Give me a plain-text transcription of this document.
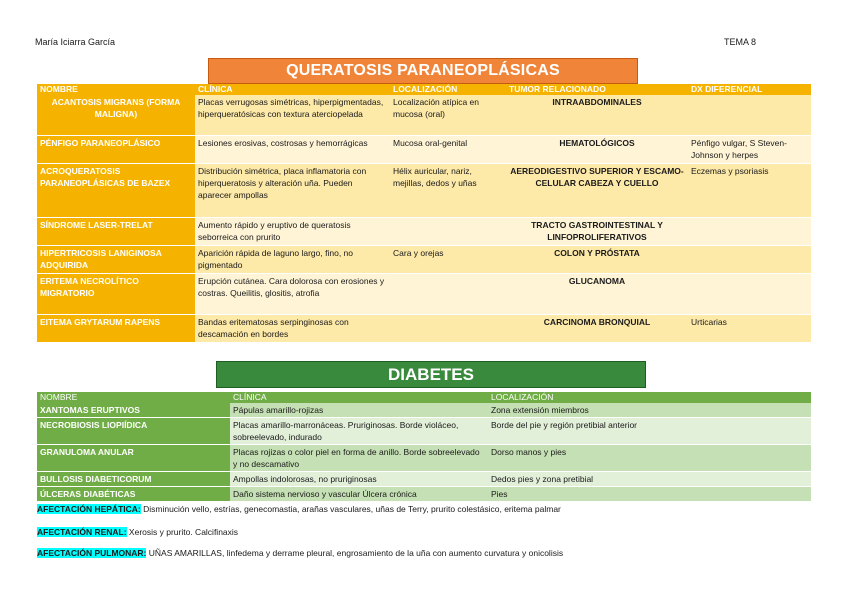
María Iciarra García	TEMA 8
QUERATOSIS PARANEOPLÁSICAS
NOMBRE	CLÍNICA	LOCALIZACIÓN	TUMOR RELACIONADO	DX DIFERENCIAL
ACANTOSIS MIGRANS (FORMA MALIGNA)	Placas verrugosas simétricas, hiperpigmentadas, hiperqueratósicas con textura aterciopelada	Localización atípica en mucosa (oral)	INTRAABDOMINALES	
PÉNFIGO PARANEOPLÁSICO	Lesiones erosivas, costrosas y hemorrágicas	Mucosa oral-genital	HEMATOLÓGICOS	Pénfigo vulgar, S Steven-Johnson y herpes
ACROQUERATOSIS PARANEOPLÁSICAS DE BAZEX	Distribución simétrica, placa inflamatoria con hiperqueratosis y alteración uña. Pueden aparecer ampollas	Hélix auricular, nariz, mejillas, dedos y uñas	AEREODIGESTIVO SUPERIOR Y ESCAMO-CELULAR CABEZA Y CUELLO	Eczemas y psoriasis
SÍNDROME LASER-TRELAT	Aumento rápido y eruptivo de queratosis seborreica con prurito		TRACTO GASTROINTESTINAL Y LINFOPROLIFERATIVOS	
HIPERTRICOSIS LANIGINOSA ADQUIRIDA	Aparición rápida de laguno largo, fino, no pigmentado	Cara y orejas	COLON Y PRÓSTATA	
ERITEMA NECROLÍTICO MIGRATORIO	Erupción cutánea. Cara dolorosa con erosiones y costras. Queilitis, glositis, atrofia		GLUCANOMA	
EITEMA GRYTARUM RAPENS	Bandas eritematosas serpinginosas con descamación en bordes		CARCINOMA BRONQUIAL	Urticarias
DIABETES
NOMBRE	CLÍNICA	LOCALIZACIÓN
XANTOMAS ERUPTIVOS	Pápulas amarillo-rojizas	Zona extensión miembros
NECROBIOSIS LIOPIÍDICA	Placas amarillo-marronáceas. Pruriginosas. Borde violáceo, sobreelevado, indurado	Borde del pie y región pretibial anterior
GRANULOMA ANULAR	Placas rojizas o color piel en forma de anillo. Borde sobreelevado y no descamativo	Dorso manos y pies
BULLOSIS DIABETICORUM	Ampollas indolorosas, no pruriginosas	Dedos pies y zona pretibial
ÚLCERAS DIABÉTICAS	Daño sistema nervioso y vascular Úlcera crónica	Pies
AFECTACIÓN HEPÁTICA: Disminución vello, estrías, genecomastia, arañas vasculares, uñas de Terry, prurito colestásico, eritema palmar
AFECTACIÓN RENAL: Xerosis y prurito. Calcifinaxis
AFECTACIÓN PULMONAR: UÑAS AMARILLAS, linfedema y derrame pleural, engrosamiento de la uña con aumento curvatura y onicolisis
